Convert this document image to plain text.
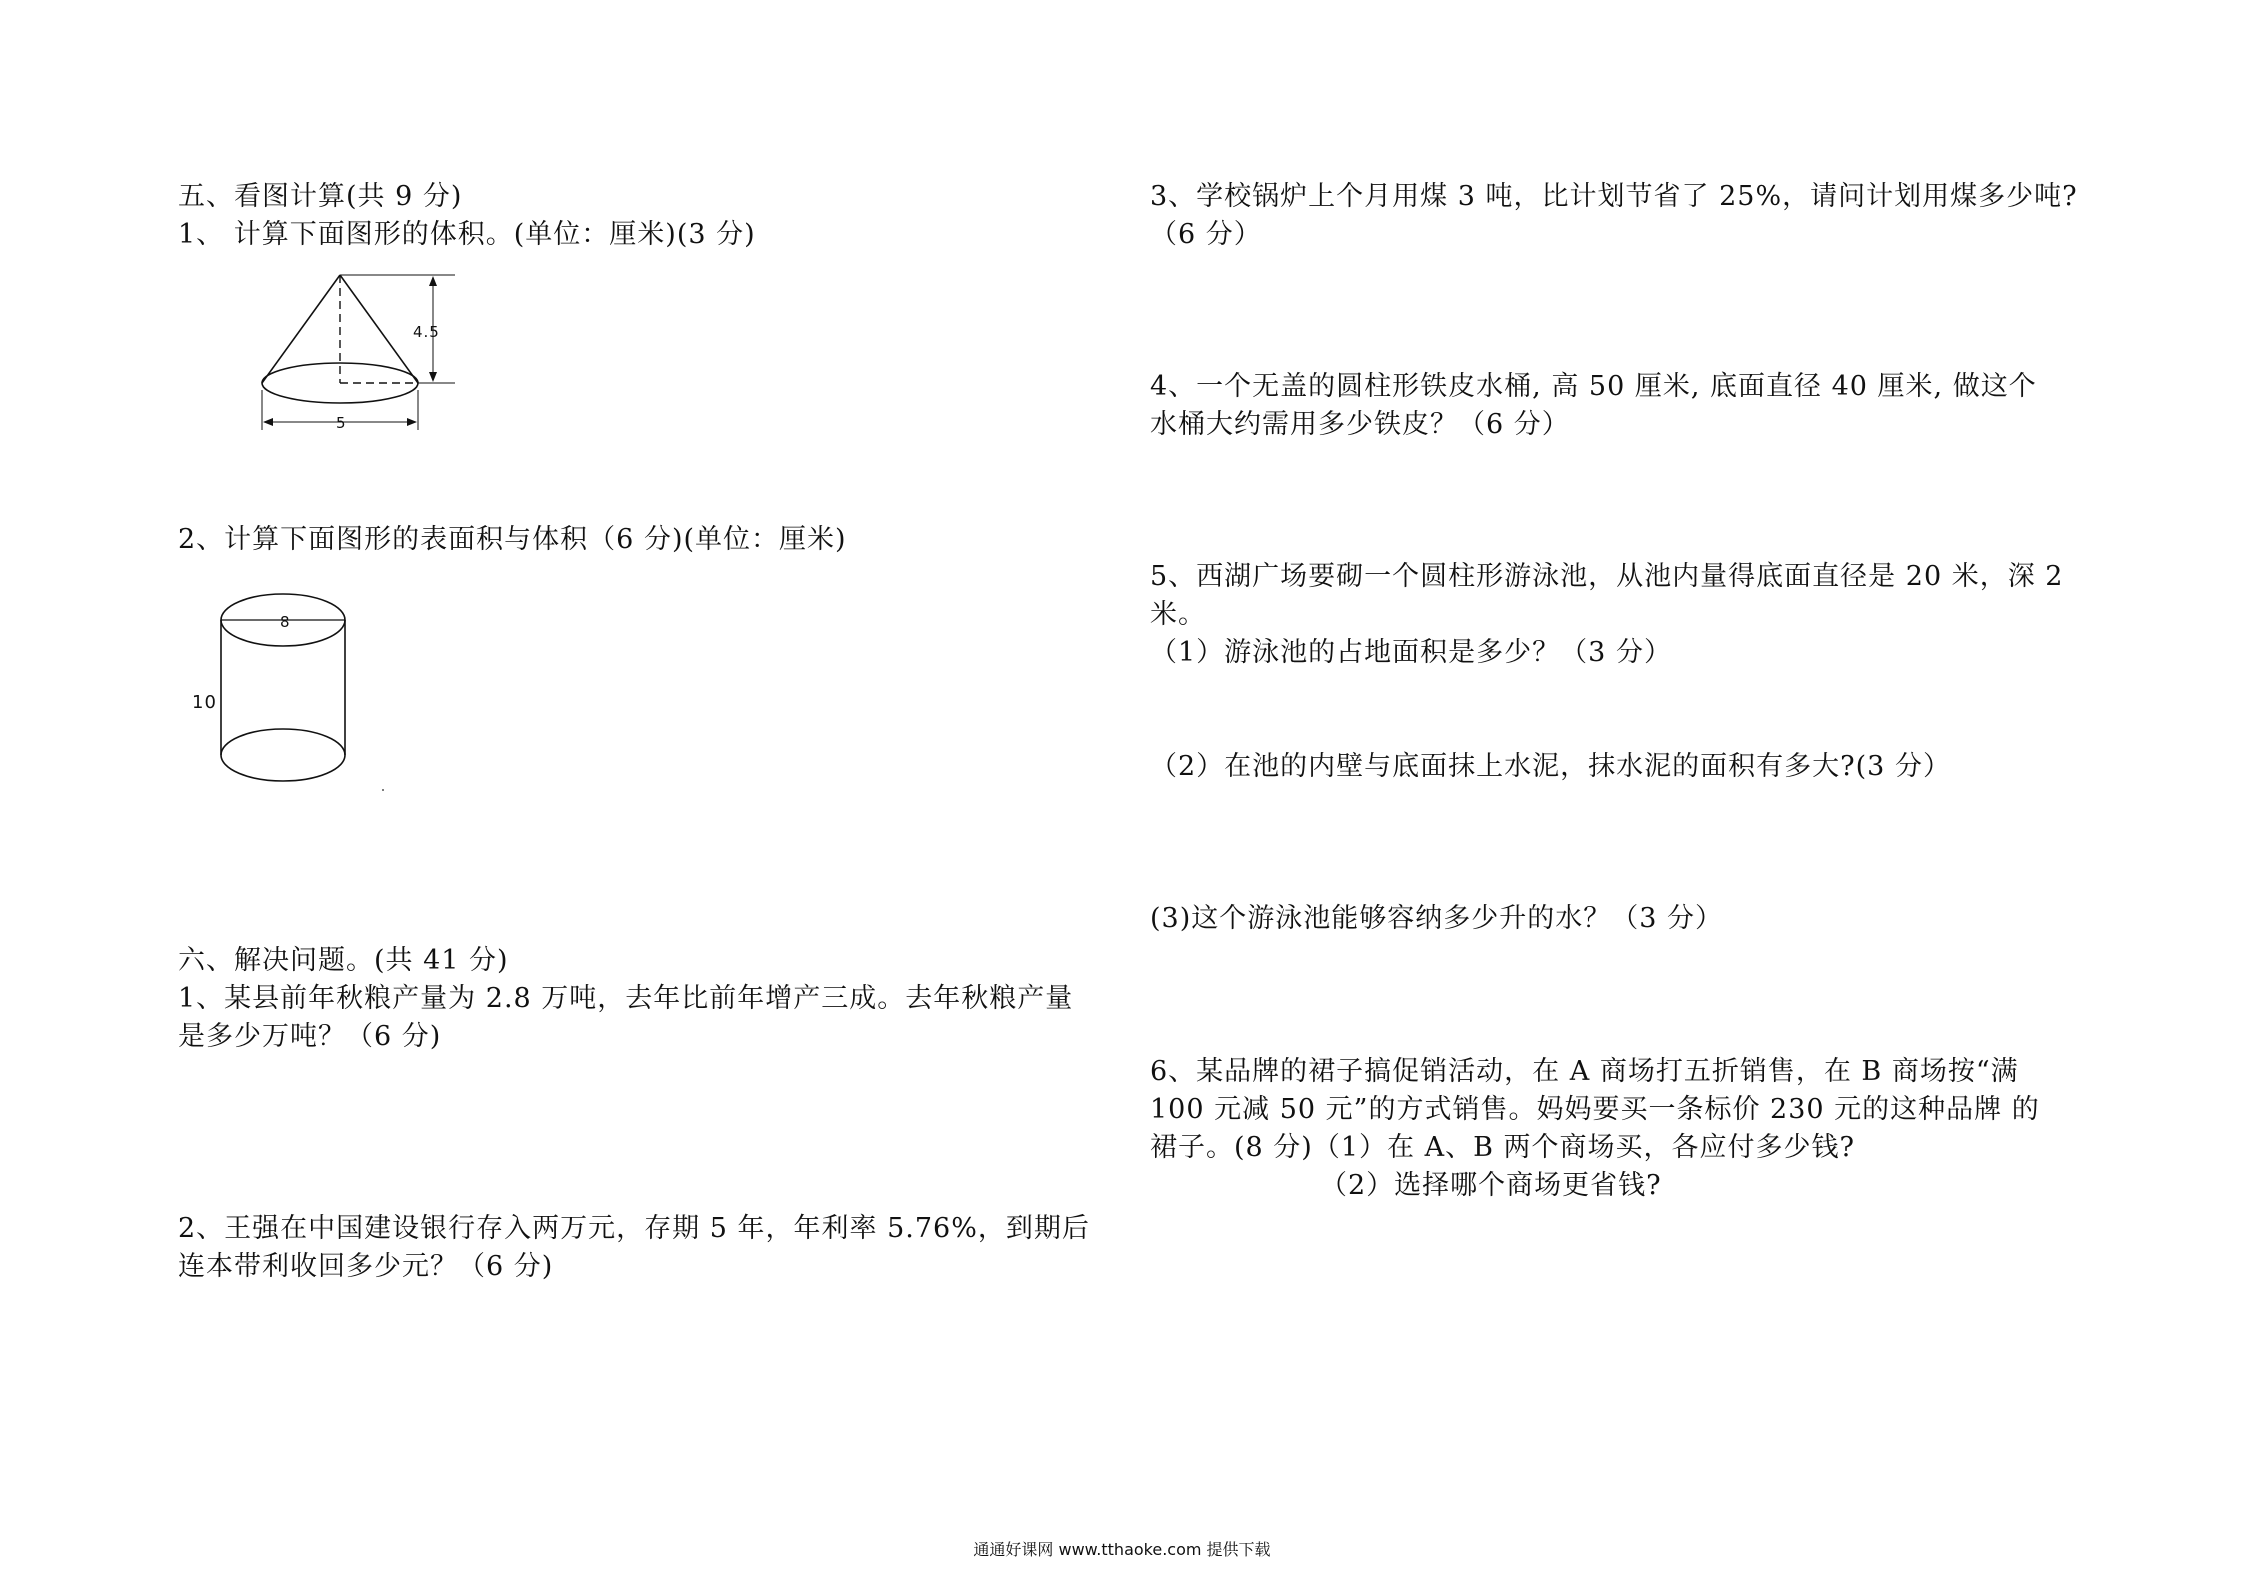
五、看图计算(共 9 分)
1、 计算下面图形的体积。(单位：厘米)(3 分)
4.5
5
2、计算下面图形的表面积与体积（6 分)(单位：厘米)
8
10
六、解决问题。(共 41 分)
1、某县前年秋粮产量为 2.8 万吨，去年比前年增产三成。去年秋粮产量
是多少万吨？（6 分)
2、王强在中国建设银行存入两万元，存期 5 年，年利率 5.76%，到期后
连本带利收回多少元？（6 分)
3、学校锅炉上个月用煤 3 吨，比计划节省了 25%，请问计划用煤多少吨?
（6 分）
4、一个无盖的圆柱形铁皮水桶, 高 50 厘米, 底面直径 40 厘米, 做这个
水桶大约需用多少铁皮？（6 分）
5、西湖广场要砌一个圆柱形游泳池，从池内量得底面直径是 20 米，深 2
米。
（1）游泳池的占地面积是多少？（3 分）
（2）在池的内壁与底面抹上水泥，抹水泥的面积有多大?(3 分）
(3)这个游泳池能够容纳多少升的水？（3 分）
6、某品牌的裙子搞促销活动，在 A 商场打五折销售，在 B 商场按“满
100 元减 50 元”的方式销售。妈妈要买一条标价 230 元的这种品牌 的
裙子。(8 分)（1）在 A、B 两个商场买，各应付多少钱?
（2）选择哪个商场更省钱?
通通好课网 www.tthaoke.com 提供下载
